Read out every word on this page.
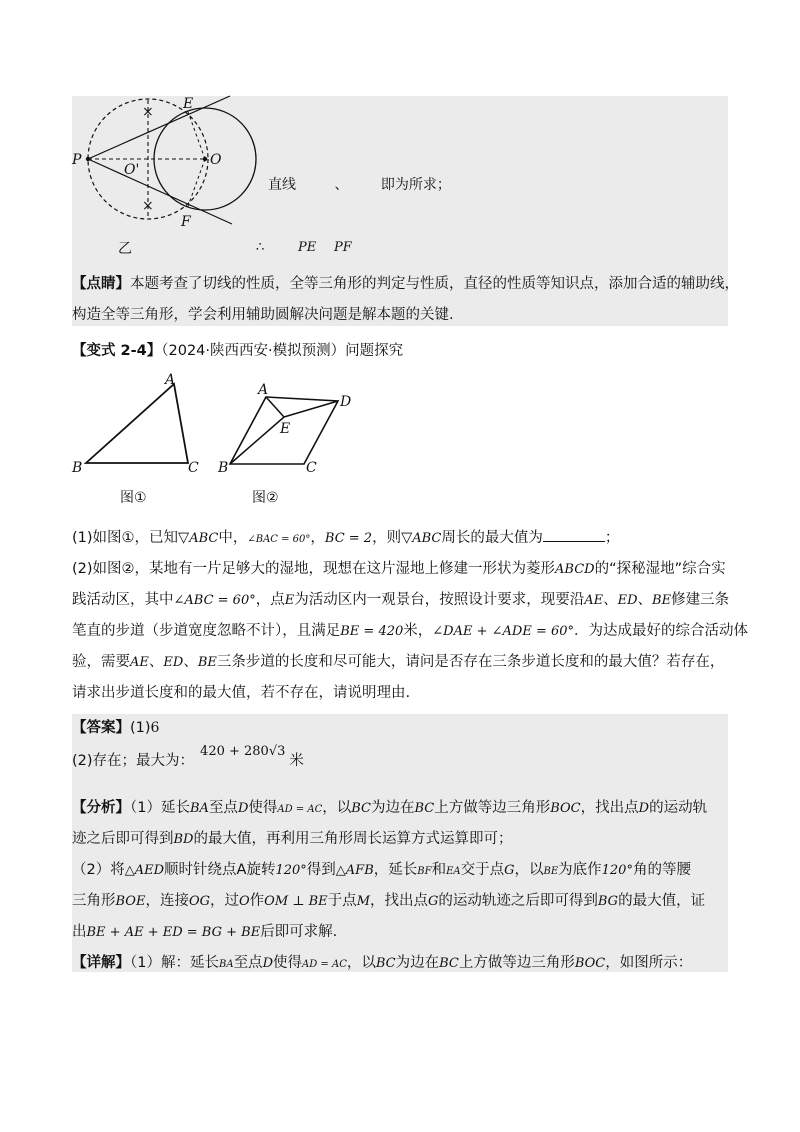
×
×
E
P	O
O'
F
直线	、 即为所求；
乙	∴	PE PF
【点睛】本题考查了切线的性质，全等三角形的判定与性质，直径的性质等知识点，添加合适的辅助线，
构造全等三角形，学会利用辅助圆解决问题是解本题的关键.
【变式 2-4】（2024·陕西西安·模拟预测）问题探究
A
B	C
图①
A
D
E
B	C
图②
(1)如图①，已知▽ABC中，∠BAC = 60°，BC = 2，则▽ABC周长的最大值为	；
(2)如图②，某地有一片足够大的湿地，现想在这片湿地上修建一形状为菱形ABCD的“探秘湿地”综合实
践活动区，其中∠ABC = 60°，点E为活动区内一观景台，按照设计要求，现要沿AE、ED、BE修建三条
笔直的步道（步道宽度忽略不计），且满足BE = 420米，∠DAE + ∠ADE = 60°．为达成最好的综合活动体
验，需要AE、ED、BE三条步道的长度和尽可能大，请问是否存在三条步道长度和的最大值？若存在，
请求出步道长度和的最大值，若不存在，请说明理由.
【答案】(1)6
(2)存在；最大为：420 + 280√3米
【分析】（1）延长BA至点D使得AD = AC，以BC为边在BC上方做等边三角形BOC，找出点D的运动轨
迹之后即可得到BD的最大值，再利用三角形周长运算方式运算即可；
（2）将△AED顺时针绕点A旋转120°得到△AFB，延长BF和EA交于点G，以BE为底作120°角的等腰
三角形BOE，连接OG，过O作OM ⊥ BE于点M，找出点G的运动轨迹之后即可得到BG的最大值，证
出BE + AE + ED = BG + BE后即可求解.
【详解】（1）解：延长BA至点D使得AD = AC，以BC为边在BC上方做等边三角形BOC，如图所示：
